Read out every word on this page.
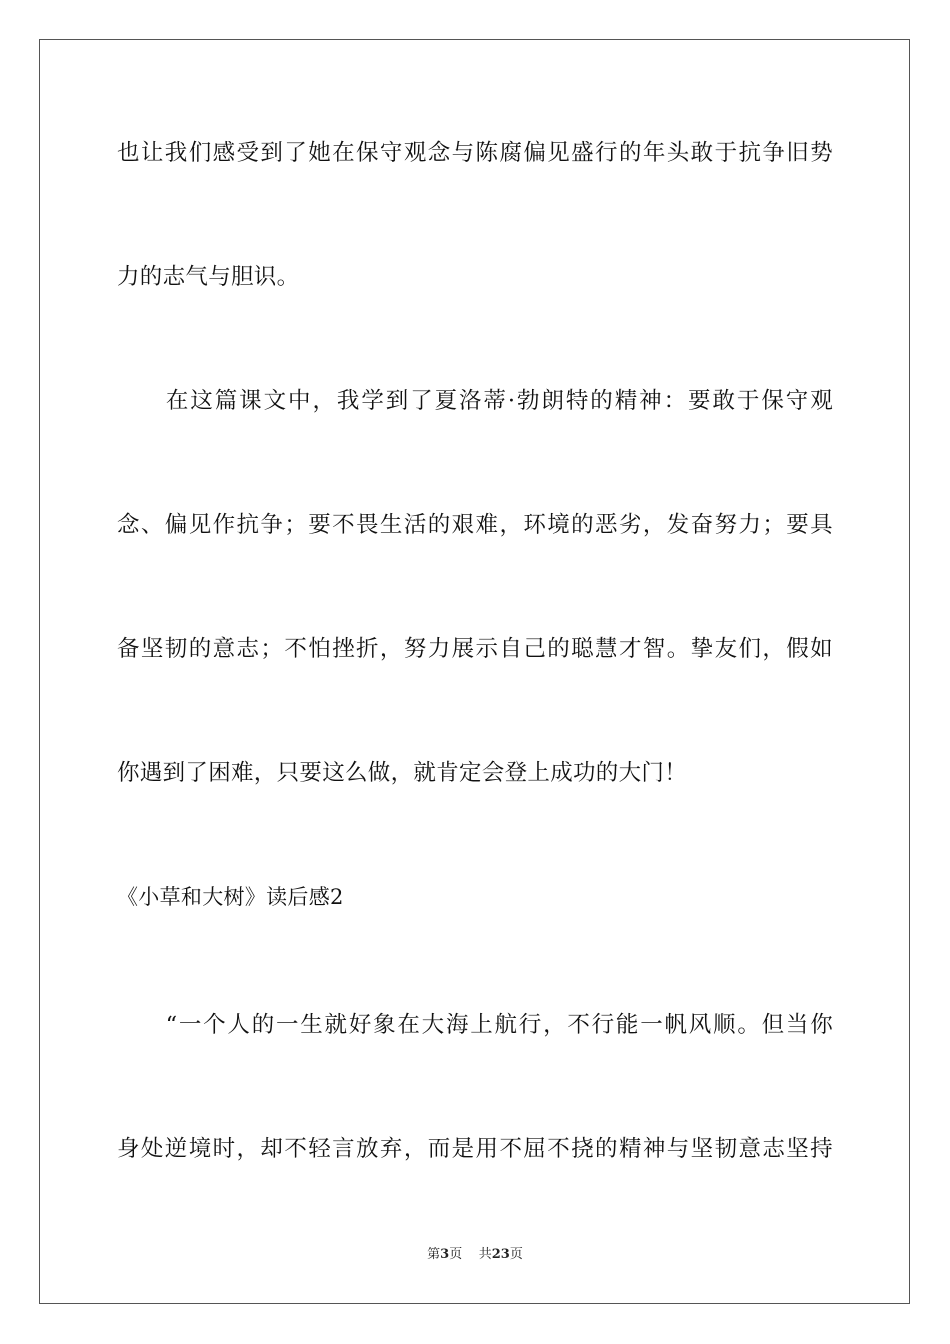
也让我们感受到了她在保守观念与陈腐偏见盛行的年头敢于抗争旧势
力的志气与胆识。
　　在这篇课文中，我学到了夏洛蒂·勃朗特的精神：要敢于保守观
念、偏见作抗争；要不畏生活的艰难，环境的恶劣，发奋努力；要具
备坚韧的意志；不怕挫折，努力展示自己的聪慧才智。挚友们，假如
你遇到了困难，只要这么做，就肯定会登上成功的大门！
《小草和大树》读后感2
　　“一个人的一生就好象在大海上航行，不行能一帆风顺。但当你
身处逆境时，却不轻言放弃，而是用不屈不挠的精神与坚韧意志坚持
第3页 共23页
